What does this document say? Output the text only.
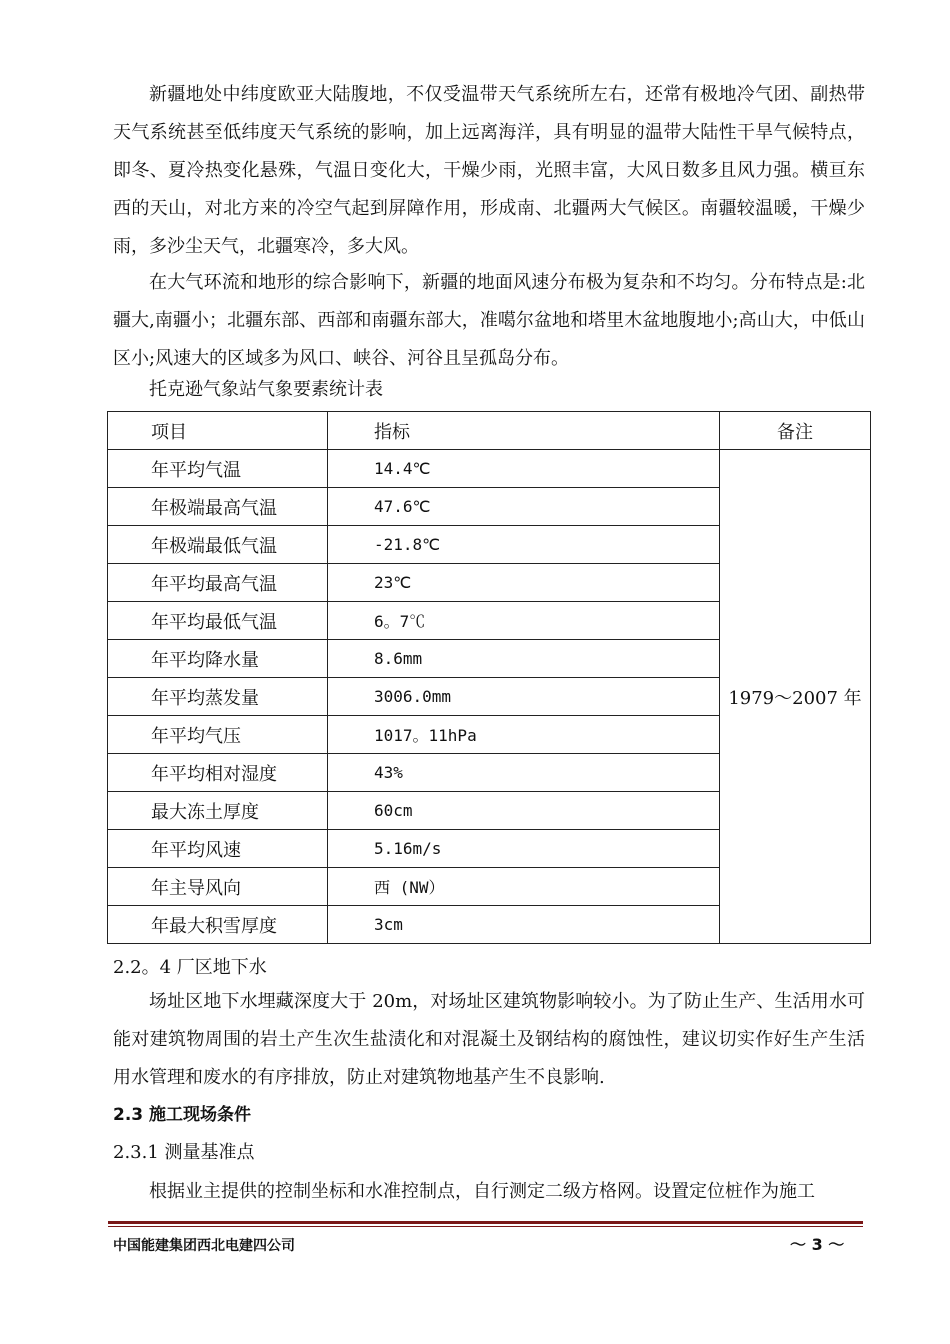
新疆地处中纬度欧亚大陆腹地，不仅受温带天气系统所左右，还常有极地冷气团、副热带天气系统甚至低纬度天气系统的影响，加上远离海洋，具有明显的温带大陆性干旱气候特点，即冬、夏冷热变化悬殊，气温日变化大，干燥少雨，光照丰富，大风日数多且风力强。横亘东西的天山，对北方来的冷空气起到屏障作用，形成南、北疆两大气候区。南疆较温暖，干燥少雨，多沙尘天气，北疆寒冷，多大风。

在大气环流和地形的综合影响下，新疆的地面风速分布极为复杂和不均匀。分布特点是:北疆大,南疆小；北疆东部、西部和南疆东部大，准噶尔盆地和塔里木盆地腹地小;高山大，中低山区小;风速大的区域多为风口、峡谷、河谷且呈孤岛分布。

托克逊气象站气象要素统计表
项目	指标	备注
年平均气温	14.4℃	1979～2007 年
年极端最高气温	47.6℃	
年极端最低气温	-21.8℃	
年平均最高气温	23℃	
年平均最低气温	6。7℃	
年平均降水量	8.6mm	
年平均蒸发量	3006.0mm	
年平均气压	1017。11hPa	
年平均相对湿度	43%	
最大冻土厚度	60cm	
年平均风速	5.16m/s	
年主导风向	西 (NW）	
年最大积雪厚度	3cm	
2.2。4 厂区地下水

场址区地下水埋藏深度大于 20m，对场址区建筑物影响较小。为了防止生产、生活用水可能对建筑物周围的岩土产生次生盐渍化和对混凝土及钢结构的腐蚀性，建议切实作好生产生活用水管理和废水的有序排放，防止对建筑物地基产生不良影响.

2.3 施工现场条件
2.3.1 测量基准点

根据业主提供的控制坐标和水准控制点，自行测定二级方格网。设置定位桩作为施工

中国能建集团西北电建四公司	～ 3 ～
